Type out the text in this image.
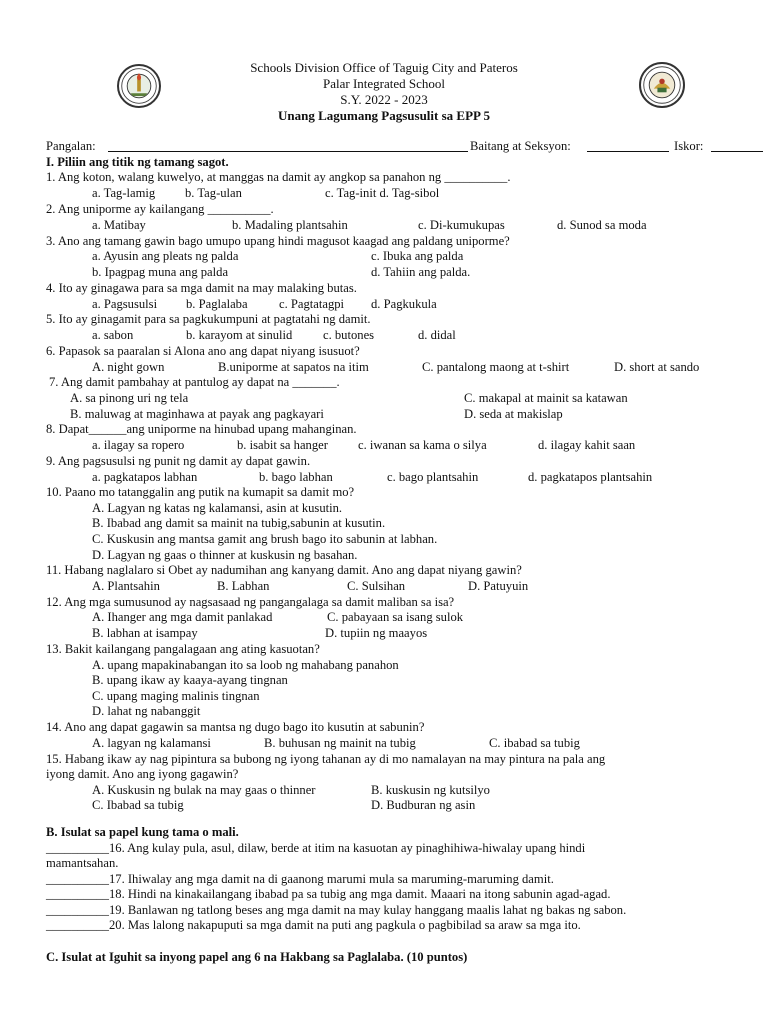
Schools Division Office of Taguig City and Pateros
Palar Integrated School
S.Y. 2022 - 2023
Unang Lagumang Pagsusulit sa EPP 5
Pangalan:	Baitang at Seksyon:	Iskor:
I. Piliin ang titik ng tamang sagot.
1. Ang koton, walang kuwelyo, at manggas na damit ay angkop sa panahon ng __________.
a. Tag-lamig b. Tag-ulan	c. Tag-init d. Tag-sibol
2. Ang uniporme ay kailangang __________.
a. Matibay	b. Madaling plantsahin	c. Di-kumukupas	d. Sunod sa moda
3. Ano ang tamang gawin bago umupo upang hindi magusot kaagad ang paldang uniporme?
a. Ayusin ang pleats ng palda	c. Ibuka ang palda
b. Ipagpag muna ang palda	d. Tahiin ang palda.
4. Ito ay ginagawa para sa mga damit na may malaking butas.
a. Pagsusulsi b. Paglalaba c. Pagtatagpi d. Pagkukula
5. Ito ay ginagamit para sa pagkukumpuni at pagtatahi ng damit.
a. sabon	b. karayom at sinulid c. butones	d. didal
6. Papasok sa paaralan si Alona ano ang dapat niyang isusuot?
A. night gown	B.uniporme at sapatos na itim	C. pantalong maong at t-shirt	D. short at sando
7. Ang damit pambahay at pantulog ay dapat na _______.
A. sa pinong uri ng tela	C. makapal at mainit sa katawan
B. maluwag at maginhawa at payak ang pagkayari	D. seda at makislap
8. Dapat______ang uniporme na hinubad upang mahanginan.
a. ilagay sa ropero	b. isabit sa hanger c. iwanan sa kama o silya	d. ilagay kahit saan
9. Ang pagsusulsi ng punit ng damit ay dapat gawin.
a. pagkatapos labhan	b. bago labhan	c. bago plantsahin	d. pagkatapos plantsahin
10. Paano mo tatanggalin ang putik na kumapit sa damit mo?
A. Lagyan ng katas ng kalamansi, asin at kusutin.
B. Ibabad ang damit sa mainit na tubig,sabunin at kusutin.
C. Kuskusin ang mantsa gamit ang brush bago ito sabunin at labhan.
D. Lagyan ng gaas o thinner at kuskusin ng basahan.
11. Habang naglalaro si Obet ay nadumihan ang kanyang damit. Ano ang dapat niyang gawin?
A. Plantsahin	B. Labhan	C. Sulsihan	D. Patuyuin
12. Ang mga sumusunod ay nagsasaad ng pangangalaga sa damit maliban sa isa?
A. Ihanger ang mga damit panlakad	C. pabayaan sa isang sulok
B. labhan at isampay	D. tupiin ng maayos
13. Bakit kailangang pangalagaan ang ating kasuotan?
A. upang mapakinabangan ito sa loob ng mahabang panahon
B. upang ikaw ay kaaya-ayang tingnan
C. upang maging malinis tingnan
D. lahat ng nabanggit
14. Ano ang dapat gagawin sa mantsa ng dugo bago ito kusutin at sabunin?
A. lagyan ng kalamansi	B. buhusan ng mainit na tubig	C. ibabad sa tubig
15. Habang ikaw ay nag pipintura sa bubong ng iyong tahanan ay di mo namalayan na may pintura na pala ang
iyong damit. Ano ang iyong gagawin?
A. Kuskusin ng bulak na may gaas o thinner	B. kuskusin ng kutsilyo
C. Ibabad sa tubig	D. Budburan ng asin
B. Isulat sa papel kung tama o mali.
__________16. Ang kulay pula, asul, dilaw, berde at itim na kasuotan ay pinaghihiwa-hiwalay upang hindi
mamantsahan.
__________17. Ihiwalay ang mga damit na di gaanong marumi mula sa maruming-maruming damit.
__________18. Hindi na kinakailangang ibabad pa sa tubig ang mga damit. Maaari na itong sabunin agad-agad.
__________19. Banlawan ng tatlong beses ang mga damit na may kulay hanggang maalis lahat ng bakas ng sabon.
__________20. Mas lalong nakapuputi sa mga damit na puti ang pagkula o pagbibilad sa araw sa mga ito.
C. Isulat at Iguhit sa inyong papel ang 6 na Hakbang sa Paglalaba. (10 puntos)
